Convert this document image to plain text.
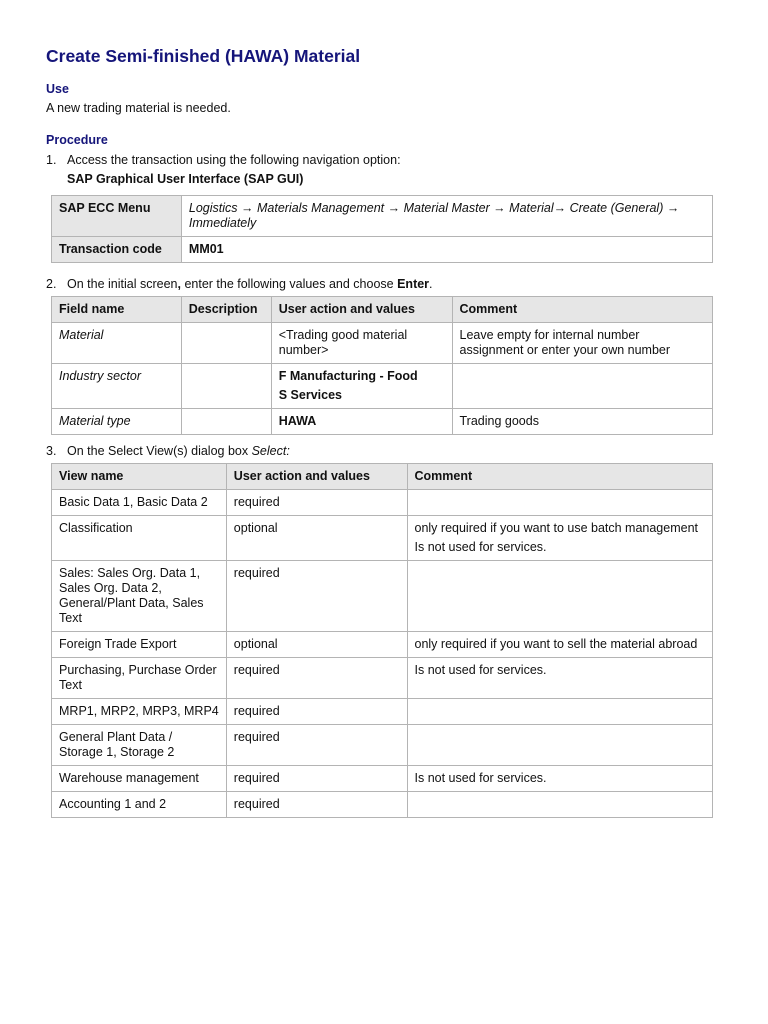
Create Semi-finished (HAWA) Material

Use

A new trading material is needed.

Procedure

1. Access the transaction using the following navigation option:

SAP Graphical User Interface (SAP GUI)

SAP ECC Menu	Logistics → Materials Management → Material Master → Material→ Create (General) → Immediately
Transaction code	MM01

2. On the initial screen, enter the following values and choose Enter.

Field name	Description	User action and values	Comment
Material		<Trading good material number>	Leave empty for internal number assignment or enter your own number
Industry sector		F Manufacturing - Food
S Services	

Material type		HAWA	Trading goods

3. On the Select View(s) dialog box Select:

View name	User action and values	Comment
Basic Data 1, Basic Data 2	required	
Classification	optional	only required if you want to use batch management
Is not used for services.

Sales: Sales Org. Data 1, Sales Org. Data 2, General/Plant Data, Sales Text	required	
Foreign Trade Export	optional	only required if you want to sell the material abroad
Purchasing, Purchase Order Text	required	Is not used for services.
MRP1, MRP2, MRP3, MRP4	required	
General Plant Data / Storage 1, Storage 2	required	
Warehouse management	required	Is not used for services.
Accounting 1 and 2	required	
